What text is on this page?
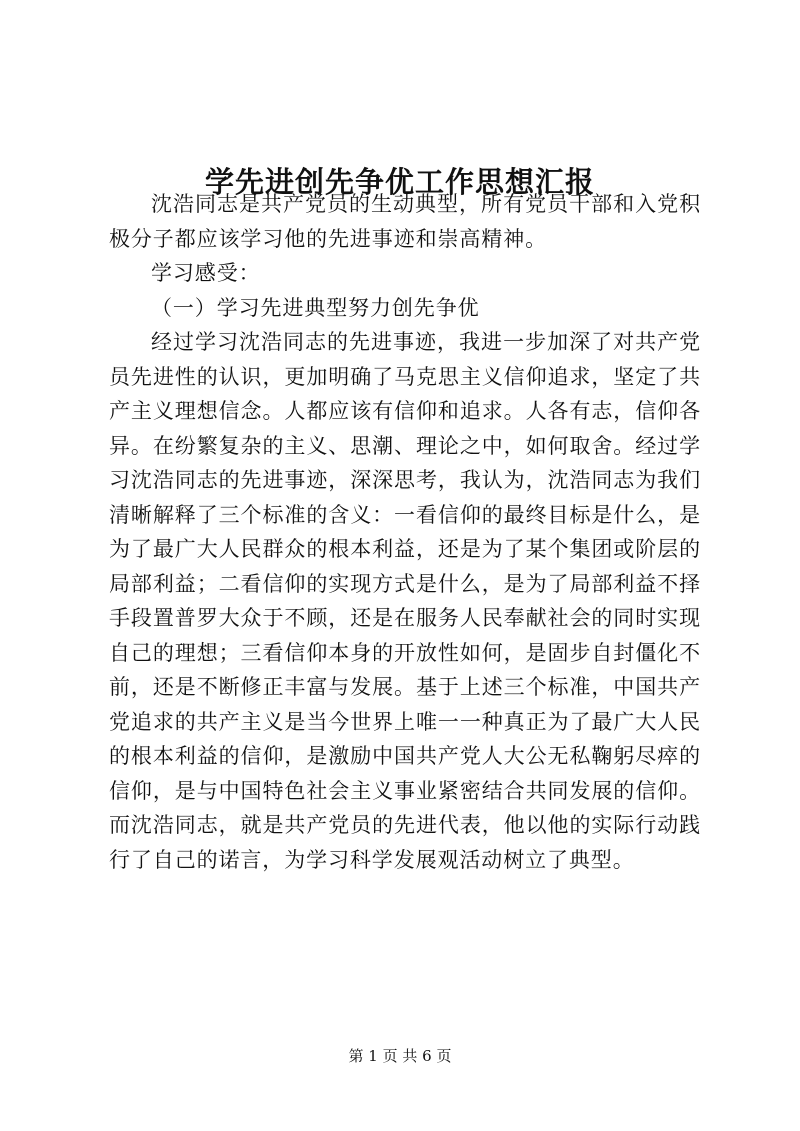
学先进创先争优工作思想汇报

沈浩同志是共产党员的生动典型，所有党员干部和入党积极分子都应该学习他的先进事迹和崇高精神。

学习感受：

（一）学习先进典型努力创先争优

经过学习沈浩同志的先进事迹，我进一步加深了对共产党员先进性的认识，更加明确了马克思主义信仰追求，坚定了共产主义理想信念。人都应该有信仰和追求。人各有志，信仰各异。在纷繁复杂的主义、思潮、理论之中，如何取舍。经过学习沈浩同志的先进事迹，深深思考，我认为，沈浩同志为我们清晰解释了三个标准的含义：一看信仰的最终目标是什么，是为了最广大人民群众的根本利益，还是为了某个集团或阶层的局部利益；二看信仰的实现方式是什么，是为了局部利益不择手段置普罗大众于不顾，还是在服务人民奉献社会的同时实现自己的理想；三看信仰本身的开放性如何，是固步自封僵化不前，还是不断修正丰富与发展。基于上述三个标准，中国共产党追求的共产主义是当今世界上唯一一种真正为了最广大人民的根本利益的信仰，是激励中国共产党人大公无私鞠躬尽瘁的信仰，是与中国特色社会主义事业紧密结合共同发展的信仰。而沈浩同志，就是共产党员的先进代表，他以他的实际行动践行了自己的诺言，为学习科学发展观活动树立了典型。

第 1 页 共 6 页
